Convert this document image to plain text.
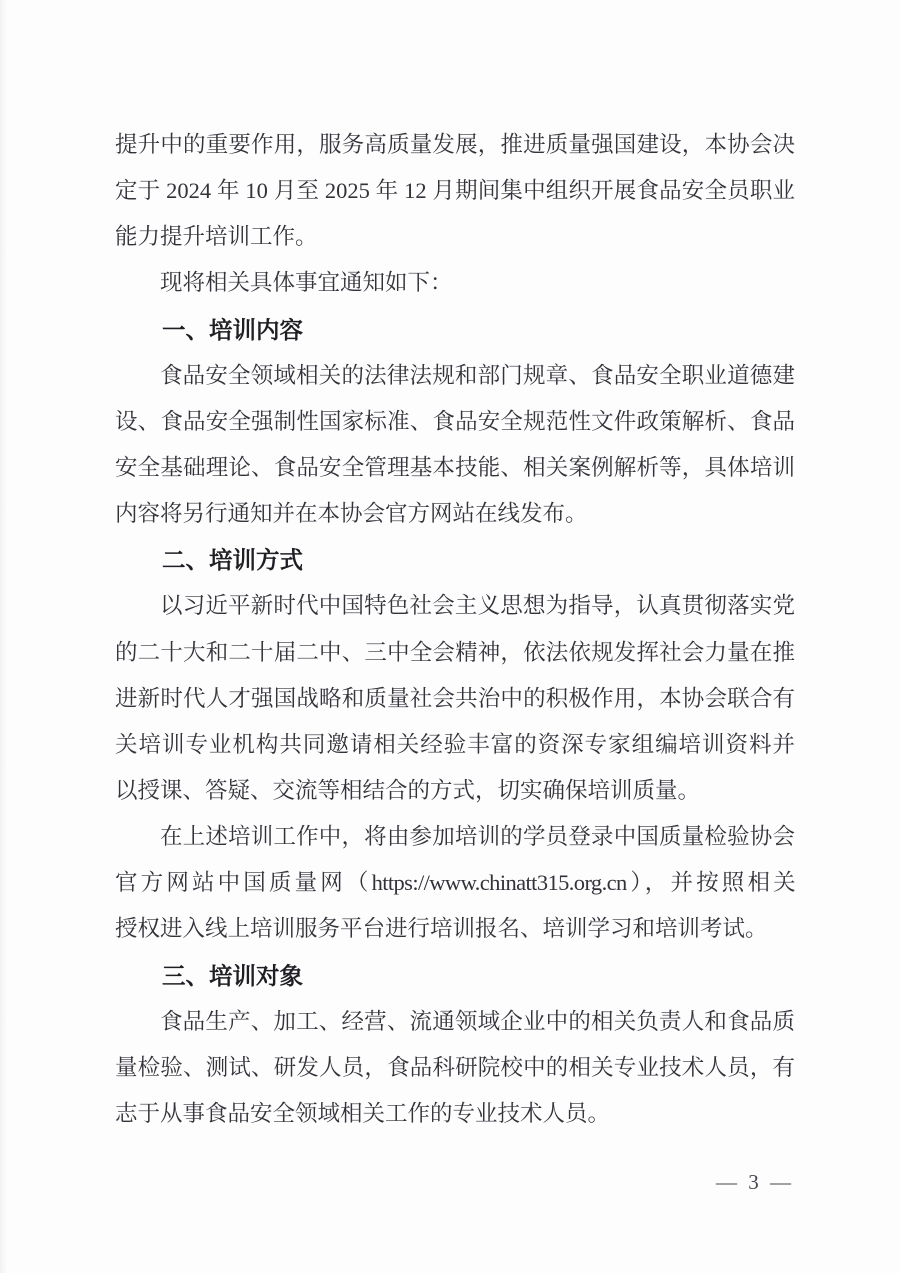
提升中的重要作用，服务高质量发展，推进质量强国建设，本协会决
定于 2024 年 10 月至 2025 年 12 月期间集中组织开展食品安全员职业
能力提升培训工作。
现将相关具体事宜通知如下：
一、培训内容
食品安全领域相关的法律法规和部门规章、食品安全职业道德建
设、食品安全强制性国家标准、食品安全规范性文件政策解析、食品
安全基础理论、食品安全管理基本技能、相关案例解析等，具体培训
内容将另行通知并在本协会官方网站在线发布。
二、培训方式
以习近平新时代中国特色社会主义思想为指导，认真贯彻落实党
的二十大和二十届二中、三中全会精神，依法依规发挥社会力量在推
进新时代人才强国战略和质量社会共治中的积极作用，本协会联合有
关培训专业机构共同邀请相关经验丰富的资深专家组编培训资料并
以授课、答疑、交流等相结合的方式，切实确保培训质量。
在上述培训工作中，将由参加培训的学员登录中国质量检验协会
官方网站中国质量网（https://www.chinatt315.org.cn），并按照相关
授权进入线上培训服务平台进行培训报名、培训学习和培训考试。
三、培训对象
食品生产、加工、经营、流通领域企业中的相关负责人和食品质
量检验、测试、研发人员，食品科研院校中的相关专业技术人员，有
志于从事食品安全领域相关工作的专业技术人员。
— 3 —
